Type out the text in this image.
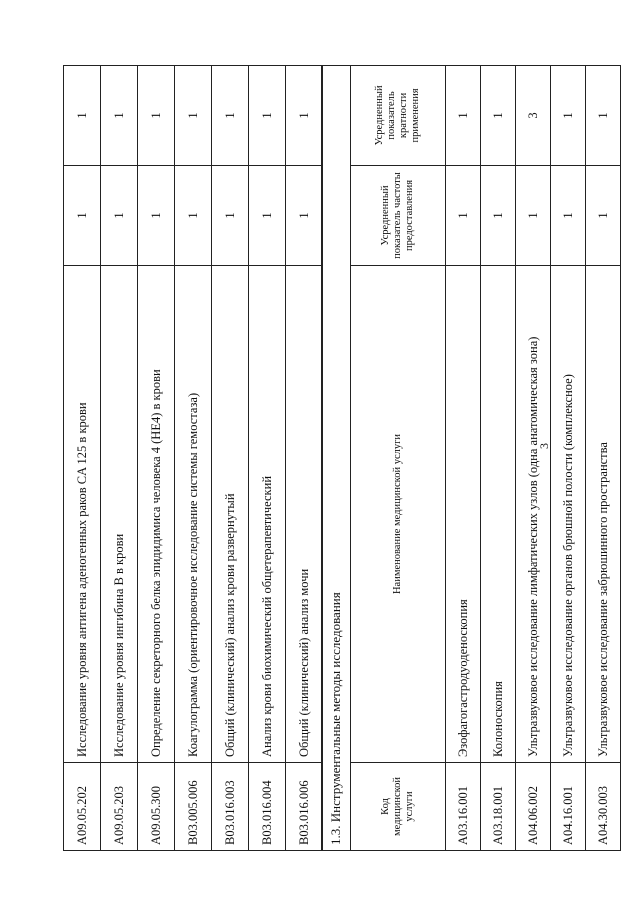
A09.05.202	Исследование уровня антигена аденогенных раков CA 125 в крови	1	1
A09.05.203	Исследование уровня ингибина B в крови	1	1
A09.05.300	Определение секреторного белка эпидидимиса человека 4 (HE4) в крови	1	1
B03.005.006	Коагулограмма (ориентировочное исследование системы гемостаза)	1	1
B03.016.003	Общий (клинический) анализ крови развернутый	1	1
B03.016.004	Анализ крови биохимический общетерапевтический	1	1
B03.016.006	Общий (клинический) анализ мочи	1	1
3
1.3. Инструментальные методы исследования			
Код медицинской услуги	Наименование медицинской услуги	Усредненный показатель частоты предоставления	Усредненный показатель кратности применения
A03.16.001	Эзофагогастродуоденоскопия	1	1
A03.18.001	Колоноскопия	1	1
A04.06.002	Ультразвуковое исследование лимфатических узлов (одна анатомическая зона)	1	3
A04.16.001	Ультразвуковое исследование органов брюшной полости (комплексное)	1	1
A04.30.003	Ультразвуковое исследование забрюшинного пространства	1	1
